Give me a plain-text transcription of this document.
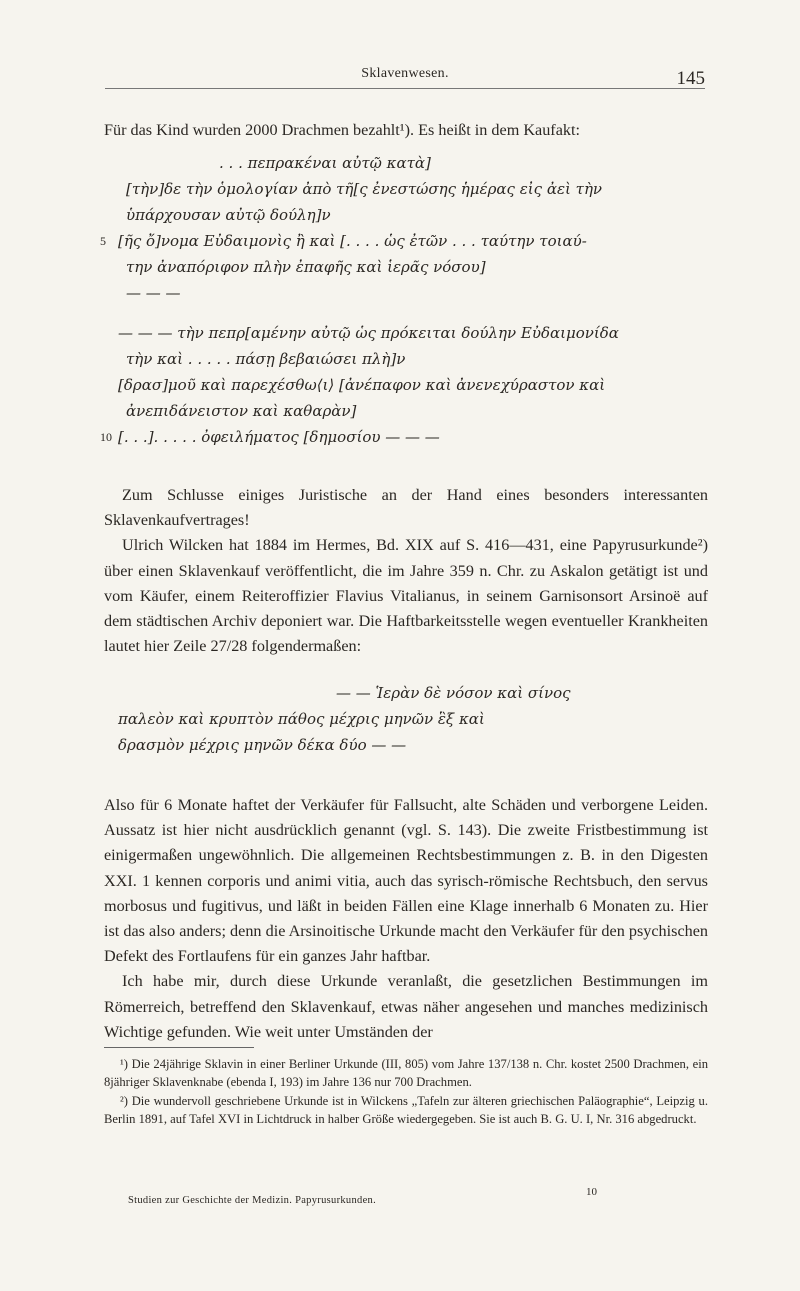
Sklavenwesen.	145

Für das Kind wurden 2000 Drachmen bezahlt¹). Es heißt in dem Kaufakt:

. . . πεπρακέναι αὐτῷ κατὰ]
[τὴν]δε τὴν ὁμολογίαν ἀπὸ τῆ[ς ἐνεστώσης ἡμέρας εἰς ἀεὶ τὴν
ὑπάρχουσαν αὐτῷ δούλη]ν
5 [ῆς ὄ]νομα Εὐδαιμονὶς ἢ καὶ [. . . . ὡς ἐτῶν . . . ταύτην τοιαύ-
την ἀναπόριφον πλὴν ἐπαφῆς καὶ ἱερᾶς νόσου]
— — —
— — — τὴν πεπρ[αμένην αὐτῷ ὡς πρόκειται δούλην Εὐδαιμονίδα
τὴν καὶ . . . . . πάσῃ βεβαιώσει πλὴ]ν
[δρασ]μοῦ καὶ παρεχέσθω⟨ι⟩ [ἀνέπαφον καὶ ἀνενεχύραστον καὶ
ἀνεπιδάνειστον καὶ καθαρὰν]
10 [. . .]. . . . . ὀφειλήματος [δημοσίου — — —

Zum Schlusse einiges Juristische an der Hand eines besonders interessanten Sklavenkaufvertrages!

Ulrich Wilcken hat 1884 im Hermes, Bd. XIX auf S. 416—431, eine Papyrusurkunde²) über einen Sklavenkauf veröffentlicht, die im Jahre 359 n. Chr. zu Askalon getätigt ist und vom Käufer, einem Reiteroffizier Flavius Vitalianus, in seinem Garnisonsort Arsinoë auf dem städtischen Archiv deponiert war. Die Haftbarkeitsstelle wegen eventueller Krankheiten lautet hier Zeile 27/28 folgendermaßen:

— — Ἱερὰν δὲ νόσον καὶ σίνος
παλεὸν καὶ κρυπτὸν πάθος μέχρις μηνῶν ἓξ καὶ
δρασμὸν μέχρις μηνῶν δέκα δύο — —

Also für 6 Monate haftet der Verkäufer für Fallsucht, alte Schäden und verborgene Leiden. Aussatz ist hier nicht ausdrücklich genannt (vgl. S. 143). Die zweite Fristbestimmung ist einigermaßen ungewöhnlich. Die allgemeinen Rechtsbestimmungen z. B. in den Digesten XXI. 1 kennen corporis und animi vitia, auch das syrisch-römische Rechtsbuch, den servus morbosus und fugitivus, und läßt in beiden Fällen eine Klage innerhalb 6 Monaten zu. Hier ist das also anders; denn die Arsinoitische Urkunde macht den Verkäufer für den psychischen Defekt des Fortlaufens für ein ganzes Jahr haftbar.

Ich habe mir, durch diese Urkunde veranlaßt, die gesetzlichen Bestimmungen im Römerreich, betreffend den Sklavenkauf, etwas näher angesehen und manches medizinisch Wichtige gefunden. Wie weit unter Umständen der

¹) Die 24jährige Sklavin in einer Berliner Urkunde (III, 805) vom Jahre 137/138 n. Chr. kostet 2500 Drachmen, ein 8jähriger Sklavenknabe (ebenda I, 193) im Jahre 136 nur 700 Drachmen.

²) Die wundervoll geschriebene Urkunde ist in Wilckens „Tafeln zur älteren griechischen Paläographie“, Leipzig u. Berlin 1891, auf Tafel XVI in Lichtdruck in halber Größe wiedergegeben. Sie ist auch B. G. U. I, Nr. 316 abgedruckt.

Studien zur Geschichte der Medizin. Papyrusurkunden.
10
